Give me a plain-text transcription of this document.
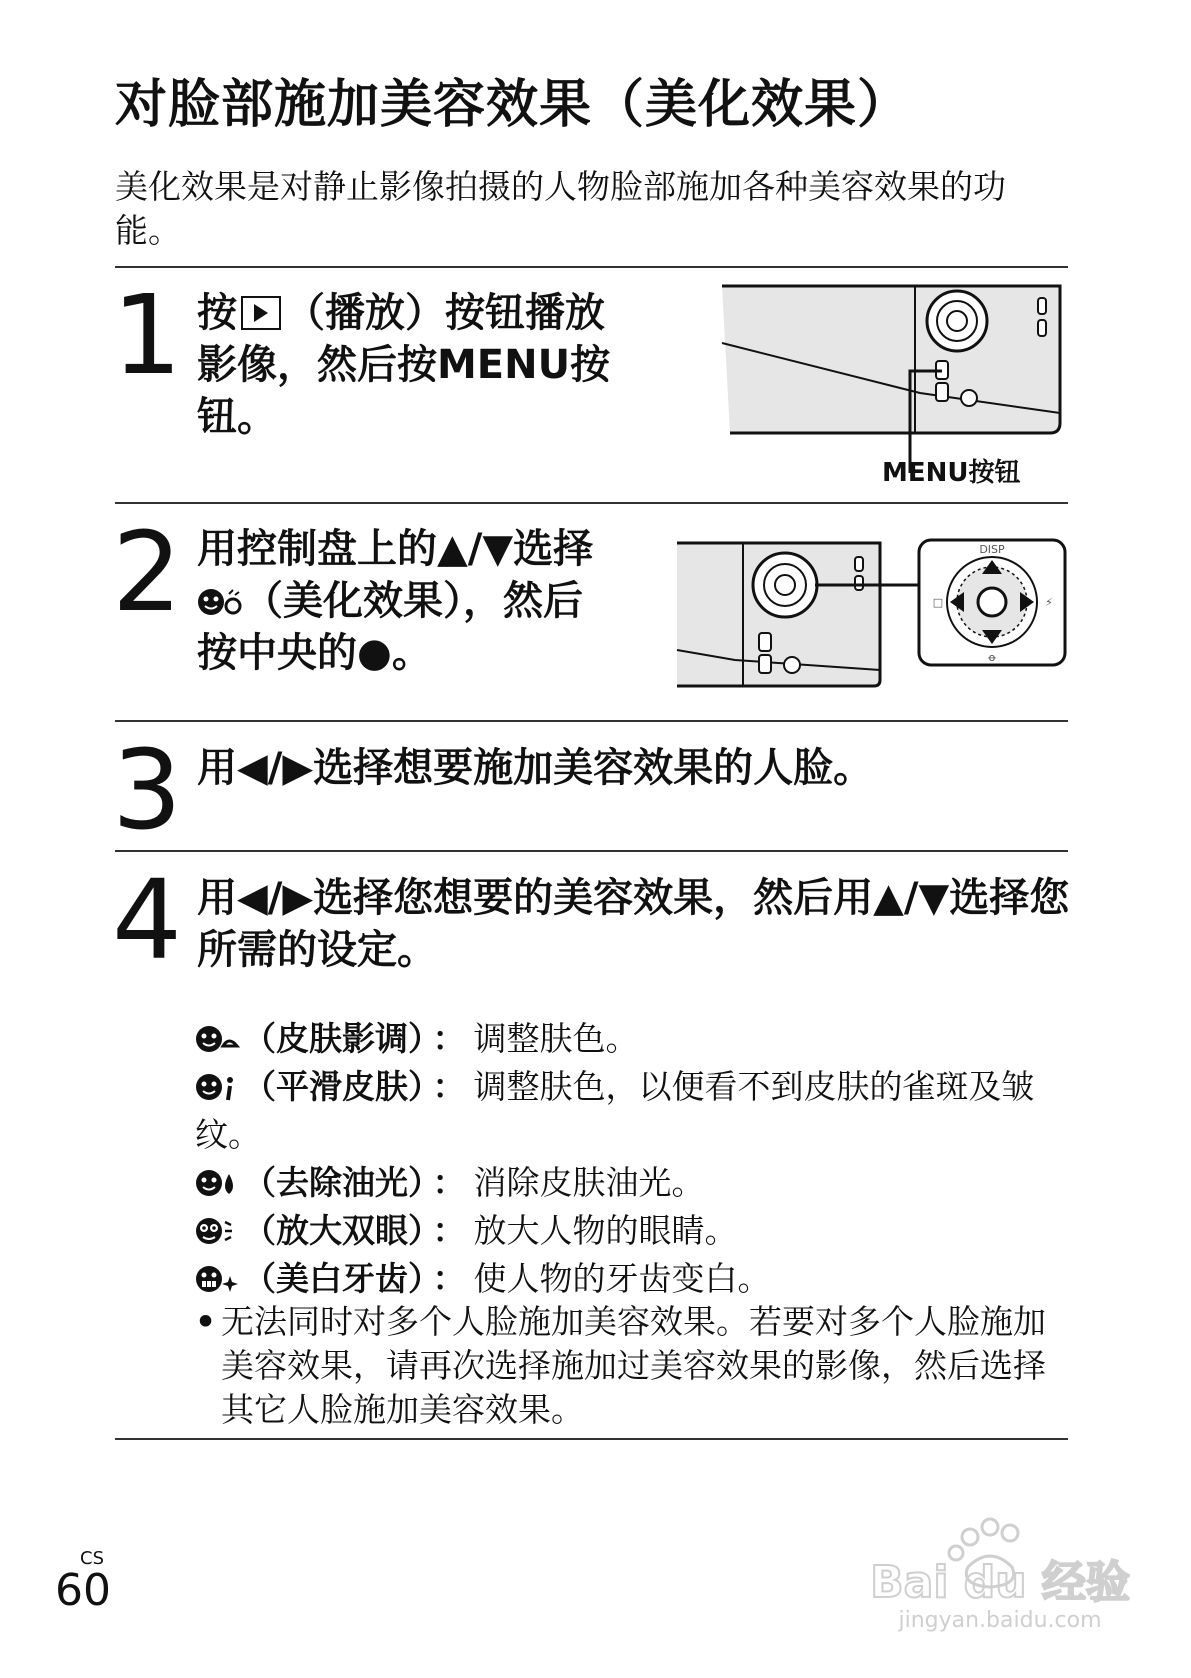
对脸部施加美容效果（美化效果）

美化效果是对静止影像拍摄的人物脸部施加各种美容效果的功能。

1 按 （播放）按钮播放影像，然后按MENU按钮。
MENU按钮
2 用控制盘上的▲/▼选择（美化效果），然后按中央的●。
DISP
□	⚡
ꝋ
3 用◀/▶选择想要施加美容效果的人脸。
4 用◀/▶选择您想要的美容效果，然后用▲/▼选择您所需的设定。
（皮肤影调） ： 调整肤色。
（平滑皮肤） ： 调整肤色，以便看不到皮肤的雀斑及皱纹。
（去除油光） ： 消除皮肤油光。
（放大双眼） ： 放大人物的眼睛。
（美白牙齿） ： 使人物的牙齿变白。
• 无法同时对多个人脸施加美容效果。若要对多个人脸施加美容效果，请再次选择施加过美容效果的影像，然后选择其它人脸施加美容效果。
CS
60	Bai du 经验
jingyan.baidu.com
